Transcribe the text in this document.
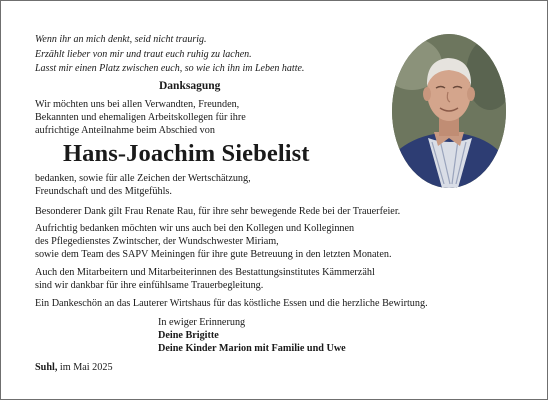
Wenn ihr an mich denkt, seid nicht traurig.
Erzählt lieber von mir und traut euch ruhig zu lachen.
Lasst mir einen Platz zwischen euch, so wie ich ihn im Leben hatte.
Danksagung
Wir möchten uns bei allen Verwandten, Freunden,
Bekannten und ehemaligen Arbeitskollegen für ihre
aufrichtige Anteilnahme beim Abschied von
Hans-Joachim Siebelist
bedanken, sowie für alle Zeichen der Wertschätzung,
Freundschaft und des Mitgefühls.
Besonderer Dank gilt Frau Renate Rau, für ihre sehr bewegende Rede bei der Trauerfeier.
Aufrichtig bedanken möchten wir uns auch bei den Kollegen und Kolleginnen
des Pflegedienstes Zwintscher, der Wundschwester Miriam,
sowie dem Team des SAPV Meiningen für ihre gute Betreuung in den letzten Monaten.
Auch den Mitarbeitern und Mitarbeiterinnen des Bestattungsinstitutes Kämmerzähl
sind wir dankbar für ihre einfühlsame Trauerbegleitung.
Ein Dankeschön an das Lauterer Wirtshaus für das köstliche Essen und die herzliche Bewirtung.
In ewiger Erinnerung
Deine Brigitte
Deine Kinder Marion mit Familie und Uwe
Suhl, im Mai 2025
